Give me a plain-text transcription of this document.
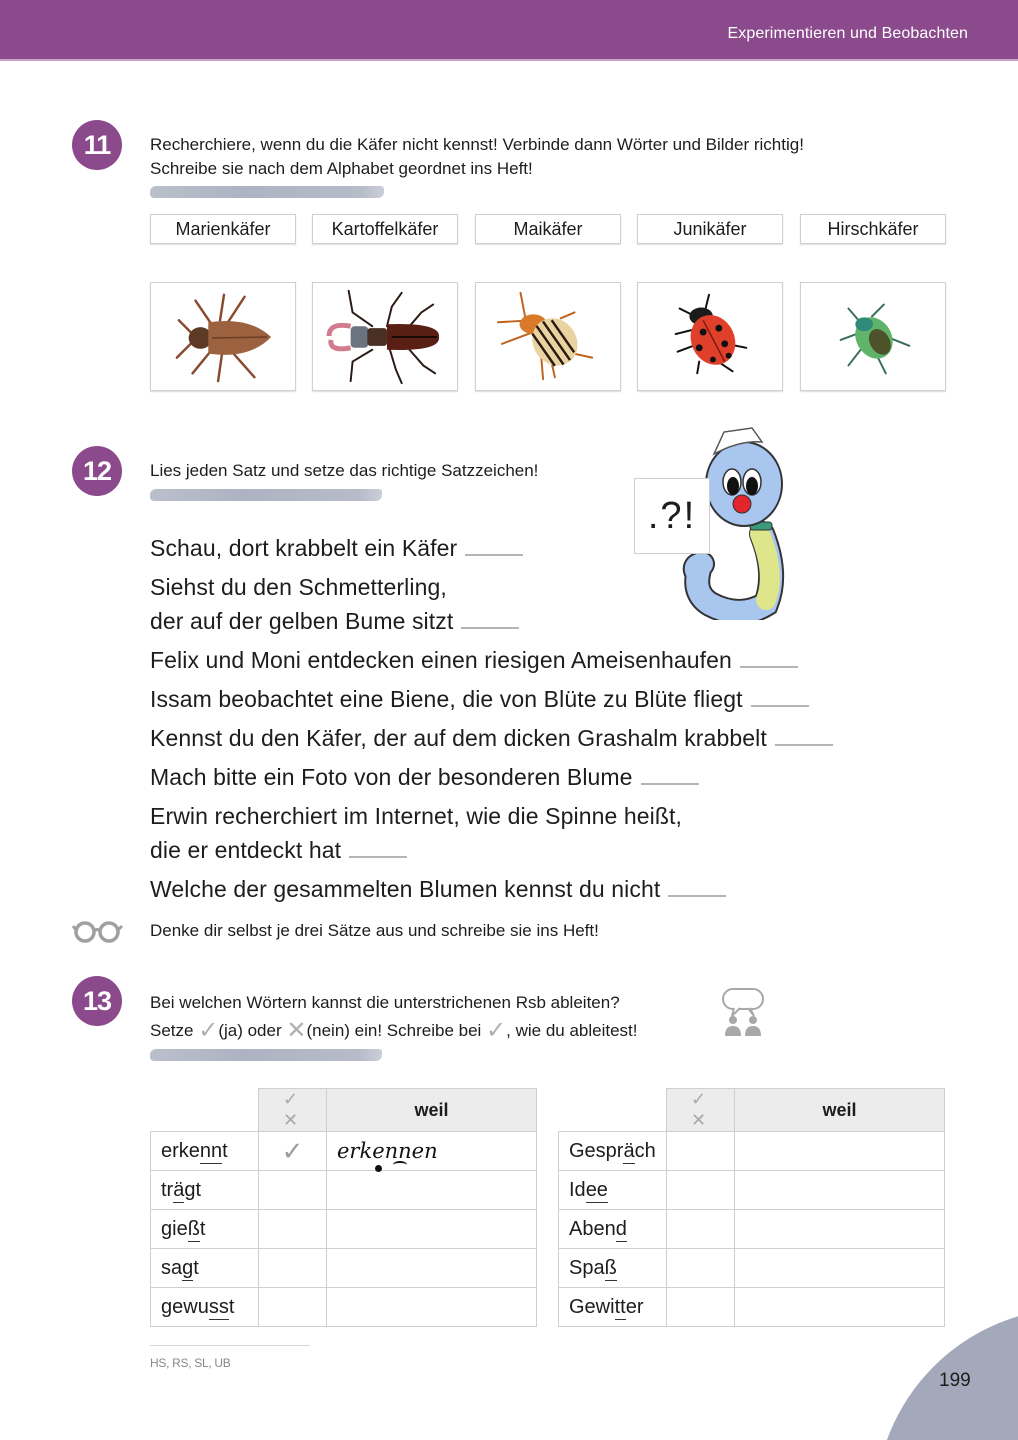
Experimentieren und Beobachten
11	Recherchiere, wenn du die Käfer nicht kennst! Verbinde dann Wörter und Bilder richtig!
Schreibe sie nach dem Alphabet geordnet ins Heft!
Marienkäfer	Kartoffelkäfer	Maikäfer	Junikäfer	Hirschkäfer
12	Lies jeden Satz und setze das richtige Satzzeichen!
.?!
Schau, dort krabbelt ein Käfer
Siehst du den Schmetterling,
der auf der gelben Bume sitzt
Felix und Moni entdecken einen riesigen Ameisenhaufen
Issam beobachtet eine Biene, die von Blüte zu Blüte fliegt
Kennst du den Käfer, der auf dem dicken Grashalm krabbelt
Mach bitte ein Foto von der besonderen Blume
Erwin recherchiert im Internet, wie die Spinne heißt,
die er entdeckt hat
Welche der gesammelten Blumen kennst du nicht
Denke dir selbst je drei Sätze aus und schreibe sie ins Heft!
13	Bei welchen Wörtern kannst die unterstrichenen Rsb ableiten?
Setze ✓(ja) oder ✕(nein) ein! Schreibe bei ✓, wie du ableitest!
	✓ ✕	weil
erkennt	✓	erkennen

trägt		
gießt		
sagt		
gewusst		
	✓ ✕	weil
Gespräch		
Idee		
Abend		
Spaß		
Gewitter		
HS, RS, SL, UB
199
